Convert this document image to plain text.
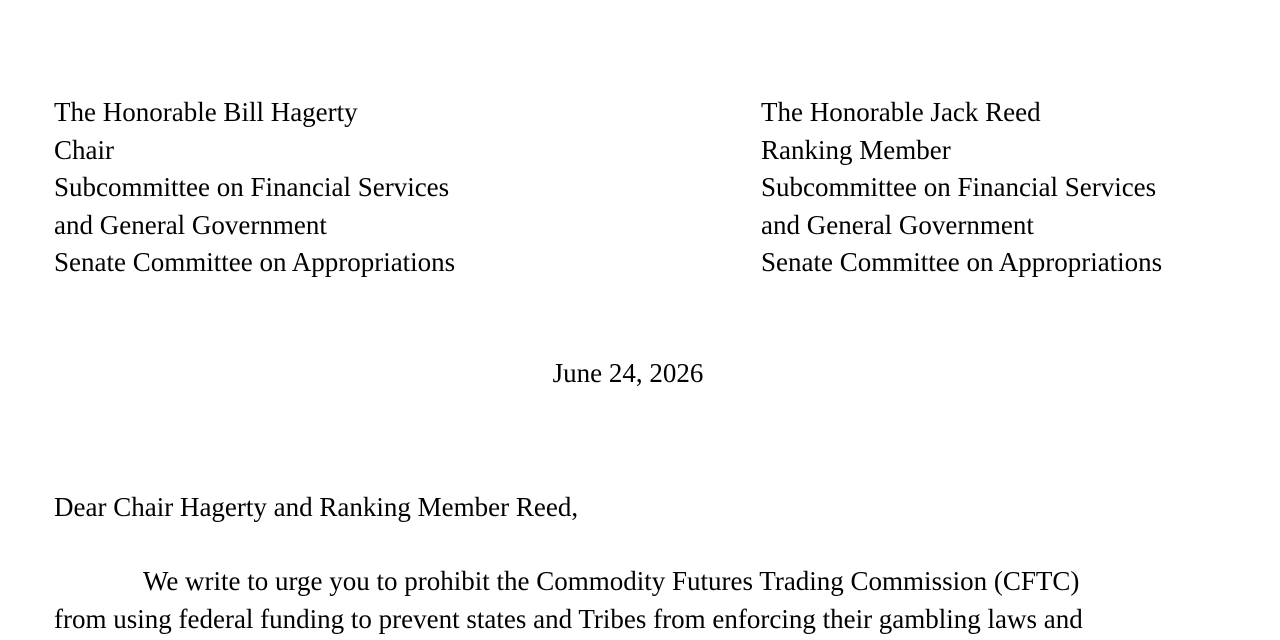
The Honorable Bill Hagerty
Chair
Subcommittee on Financial Services
and General Government
Senate Committee on Appropriations
The Honorable Jack Reed
Ranking Member
Subcommittee on Financial Services
and General Government
Senate Committee on Appropriations
June 24, 2026
Dear Chair Hagerty and Ranking Member Reed,
We write to urge you to prohibit the Commodity Futures Trading Commission (CFTC)
from using federal funding to prevent states and Tribes from enforcing their gambling laws and
